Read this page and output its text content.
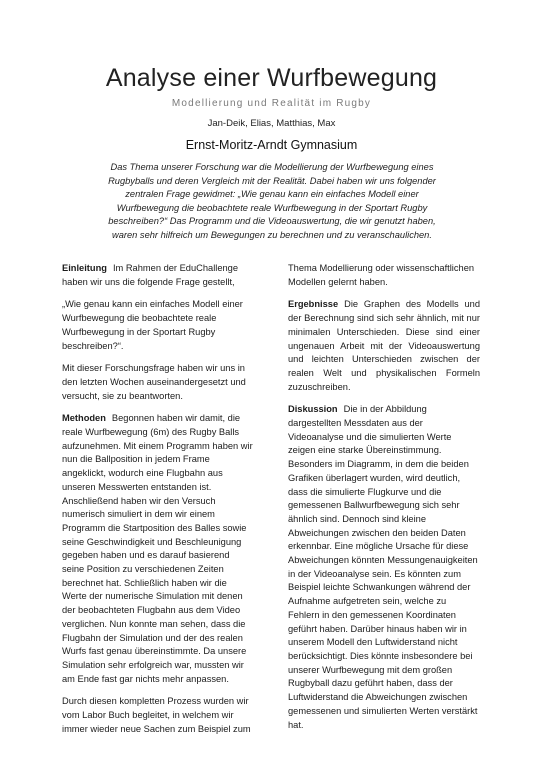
Analyse einer Wurfbewegung
Modellierung und Realität im Rugby
Jan-Deik, Elias, Matthias, Max
Ernst-Moritz-Arndt Gymnasium
Das Thema unserer Forschung war die Modellierung der Wurfbewegung eines Rugbyballs und deren Vergleich mit der Realität. Dabei haben wir uns folgender zentralen Frage gewidmet: „Wie genau kann ein einfaches Modell einer Wurfbewegung die beobachtete reale Wurfbewegung in der Sportart Rugby beschreiben?“ Das Programm und die Videoauswertung, die wir genutzt haben, waren sehr hilfreich um Bewegungen zu berechnen und zu veranschaulichen.

Einleitung Im Rahmen der EduChallenge haben wir uns die folgende Frage gestellt,

„Wie genau kann ein einfaches Modell einer Wurfbewegung die beobachtete reale Wurfbewegung in der Sportart Rugby beschreiben?“.

Mit dieser Forschungsfrage haben wir uns in den letzten Wochen auseinandergesetzt und versucht, sie zu beantworten.

Methoden Begonnen haben wir damit, die reale Wurfbewegung (6m) des Rugby Balls aufzunehmen. Mit einem Programm haben wir nun die Ballposition in jedem Frame angeklickt, wodurch eine Flugbahn aus unseren Messwerten entstanden ist. Anschließend haben wir den Versuch numerisch simuliert in dem wir einem Programm die Startposition des Balles sowie seine Geschwindigkeit und Beschleunigung gegeben haben und es darauf basierend seine Position zu verschiedenen Zeiten berechnet hat. Schließlich haben wir die Werte der numerische Simulation mit denen der beobachteten Flugbahn aus dem Video verglichen. Nun konnte man sehen, dass die Flugbahn der Simulation und der des realen Wurfs fast genau übereinstimmte. Da unsere Simulation sehr erfolgreich war, mussten wir am Ende fast gar nichts mehr anpassen.

Durch diesen kompletten Prozess wurden wir vom Labor Buch begleitet, in welchem wir immer wieder neue Sachen zum Beispiel zum

Thema Modellierung oder wissenschaftlichen Modellen gelernt haben.

Ergebnisse Die Graphen des Modells und der Berechnung sind sich sehr ähnlich, mit nur minimalen Unterschieden. Diese sind einer ungenauen Arbeit mit der Videoauswertung und leichten Unterschieden zwischen der realen Welt und physikalischen Formeln zuzuschreiben.

Diskussion Die in der Abbildung dargestellten Messdaten aus der Videoanalyse und die simulierten Werte zeigen eine starke Übereinstimmung. Besonders im Diagramm, in dem die beiden Grafiken überlagert wurden, wird deutlich, dass die simulierte Flugkurve und die gemessenen Ballwurfbewegung sich sehr ähnlich sind. Dennoch sind kleine Abweichungen zwischen den beiden Daten erkennbar. Eine mögliche Ursache für diese Abweichungen könnten Messungenauigkeiten in der Videoanalyse sein. Es könnten zum Beispiel leichte Schwankungen während der Aufnahme aufgetreten sein, welche zu Fehlern in den gemessenen Koordinaten geführt haben. Darüber hinaus haben wir in unserem Modell den Luftwiderstand nicht berücksichtigt. Dies könnte insbesondere bei unserer Wurfbewegung mit dem großen Rugbyball dazu geführt haben, dass der Luftwiderstand die Abweichungen zwischen gemessenen und simulierten Werten verstärkt hat.
